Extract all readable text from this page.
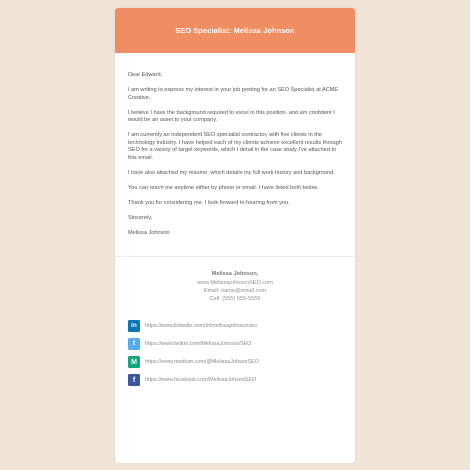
SEO Specialist: Melissa Johnson

Dear Edward,

I am writing to express my interest in your job posting for an SEO Specialist at ACME Creative.

I believe I have the background required to excel in this position, and am confident I would be an asset to your company.

I am currently an independent SEO specialist contractor, with five clients in the technology industry. I have helped each of my clients achieve excellent results through SEO for a variety of target keywords, which I detail in the case study I've attached to this email.

I have also attached my resume, which details my full work history and background.

You can reach me anytime either by phone or email. I have listed both below.

Thank you for considering me. I look forward to hearing from you.

Sincerely,

Melissa Johnson

Melissa Johnson,
www.MelissajohnsonSEO.com
Email: name@email.com
Cell: (555) 555-5555
in	https://www.linkedin.com/in/melissajohnsonseo
t	https://www.twitter.com/MelissaJohnsonSEO
M	https://www.medium.com/@MelissaJohsonSEO
f	https://www.facebook.com/MelissaJohsonSEO
